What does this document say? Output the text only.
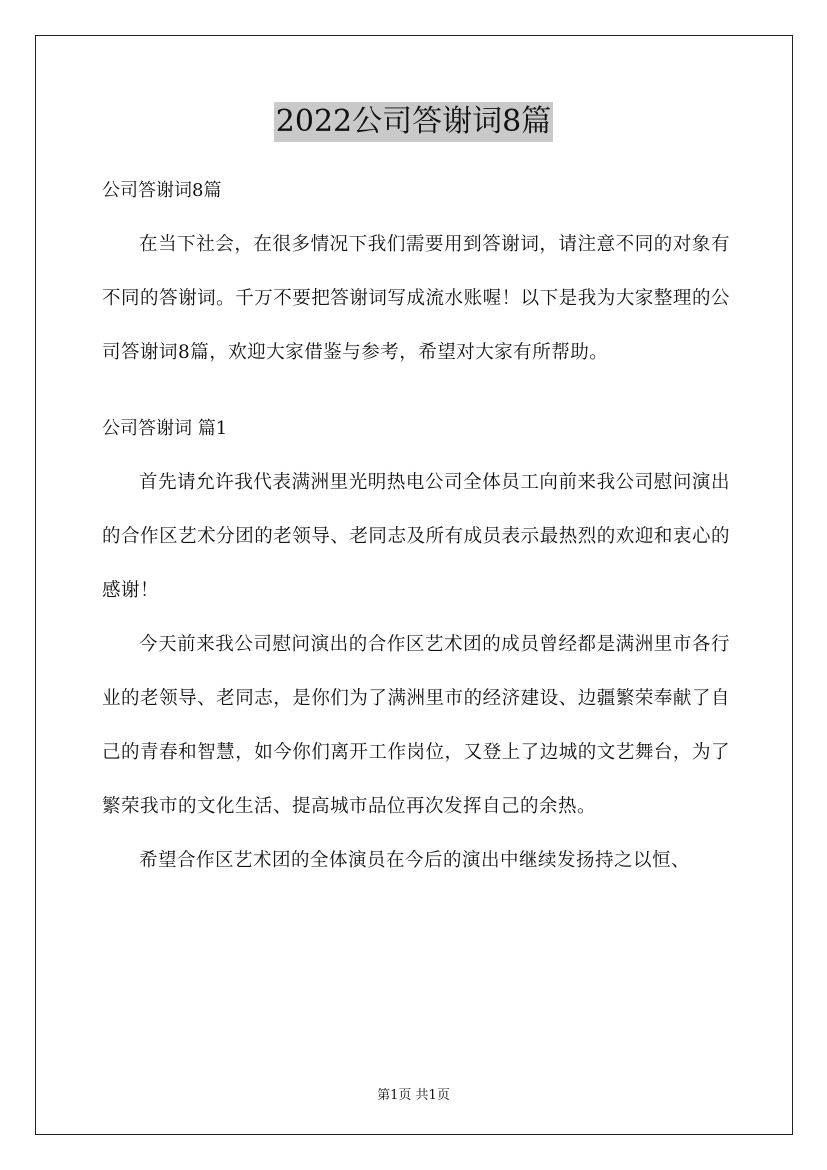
2022公司答谢词8篇

公司答谢词8篇

在当下社会，在很多情况下我们需要用到答谢词，请注意不同的对象有不同的答谢词。千万不要把答谢词写成流水账喔！以下是我为大家整理的公司答谢词8篇，欢迎大家借鉴与参考，希望对大家有所帮助。

公司答谢词 篇1

首先请允许我代表满洲里光明热电公司全体员工向前来我公司慰问演出的合作区艺术分团的老领导、老同志及所有成员表示最热烈的欢迎和衷心的感谢！

今天前来我公司慰问演出的合作区艺术团的成员曾经都是满洲里市各行业的老领导、老同志，是你们为了满洲里市的经济建设、边疆繁荣奉献了自己的青春和智慧，如今你们离开工作岗位，又登上了边城的文艺舞台，为了繁荣我市的文化生活、提高城市品位再次发挥自己的余热。

希望合作区艺术团的全体演员在今后的演出中继续发扬持之以恒、

第1页 共1页
